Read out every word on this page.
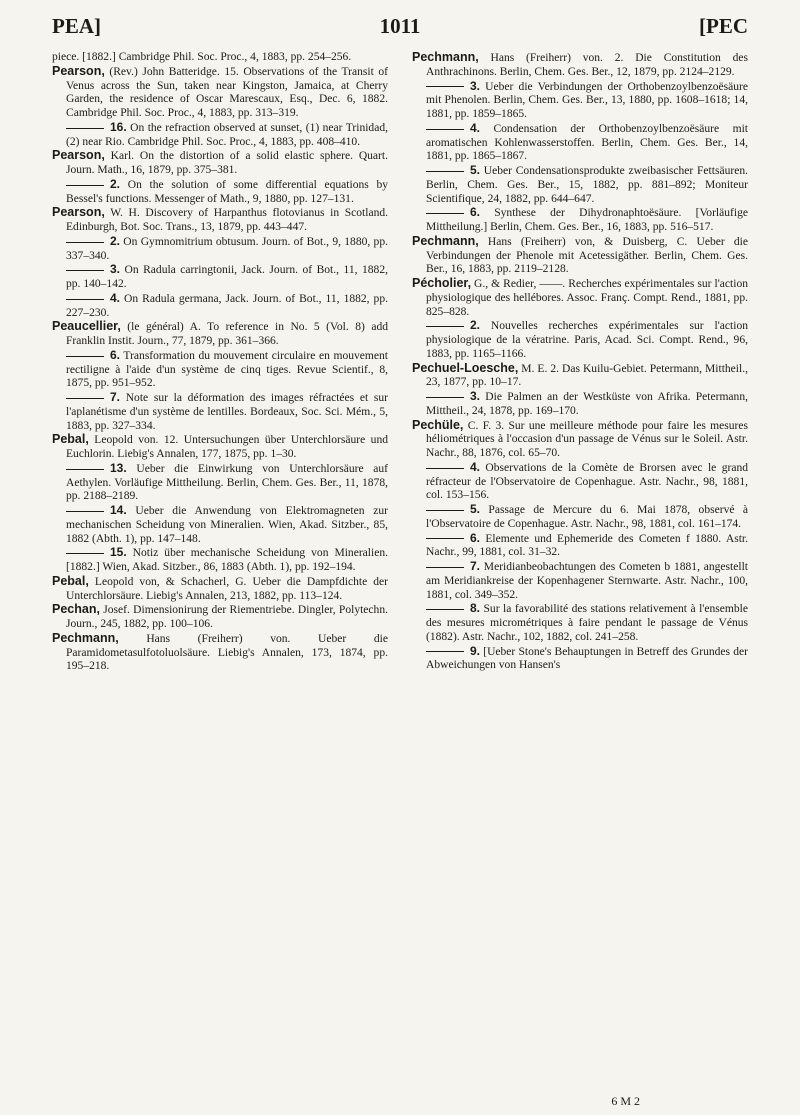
PEA]	1011	[PEC

piece. [1882.] Cambridge Phil. Soc. Proc., 4, 1883, pp. 254–256.

Pearson, (Rev.) John Batteridge. 15. Observations of the Transit of Venus across the Sun, taken near Kingston, Jamaica, at Cherry Garden, the residence of Oscar Marescaux, Esq., Dec. 6, 1882. Cambridge Phil. Soc. Proc., 4, 1883, pp. 313–319.

16. On the refraction observed at sunset, (1) near Trinidad, (2) near Rio. Cambridge Phil. Soc. Proc., 4, 1883, pp. 408–410.

Pearson, Karl. On the distortion of a solid elastic sphere. Quart. Journ. Math., 16, 1879, pp. 375–381.

2. On the solution of some differential equations by Bessel's functions. Messenger of Math., 9, 1880, pp. 127–131.

Pearson, W. H. Discovery of Harpanthus flotovianus in Scotland. Edinburgh, Bot. Soc. Trans., 13, 1879, pp. 443–447.

2. On Gymnomitrium obtusum. Journ. of Bot., 9, 1880, pp. 337–340.

3. On Radula carringtonii, Jack. Journ. of Bot., 11, 1882, pp. 140–142.

4. On Radula germana, Jack. Journ. of Bot., 11, 1882, pp. 227–230.

Peaucellier, (le général) A. To reference in No. 5 (Vol. 8) add Franklin Instit. Journ., 77, 1879, pp. 361–366.

6. Transformation du mouvement circulaire en mouvement rectiligne à l'aide d'un système de cinq tiges. Revue Scientif., 8, 1875, pp. 951–952.

7. Note sur la déformation des images réfractées et sur l'aplanétisme d'un système de lentilles. Bordeaux, Soc. Sci. Mém., 5, 1883, pp. 327–334.

Pebal, Leopold von. 12. Untersuchungen über Unterchlorsäure und Euchlorin. Liebig's Annalen, 177, 1875, pp. 1–30.

13. Ueber die Einwirkung von Unterchlorsäure auf Aethylen. Vorläufige Mittheilung. Berlin, Chem. Ges. Ber., 11, 1878, pp. 2188–2189.

14. Ueber die Anwendung von Elektromagneten zur mechanischen Scheidung von Mineralien. Wien, Akad. Sitzber., 85, 1882 (Abth. 1), pp. 147–148.

15. Notiz über mechanische Scheidung von Mineralien. [1882.] Wien, Akad. Sitzber., 86, 1883 (Abth. 1), pp. 192–194.

Pebal, Leopold von, & Schacherl, G. Ueber die Dampfdichte der Unterchlorsäure. Liebig's Annalen, 213, 1882, pp. 113–124.

Pechan, Josef. Dimensionirung der Riementriebe. Dingler, Polytechn. Journ., 245, 1882, pp. 100–106.

Pechmann, Hans (Freiherr) von. Ueber die Paramidometasulfotoluolsäure. Liebig's Annalen, 173, 1874, pp. 195–218.

Pechmann, Hans (Freiherr) von. 2. Die Constitution des Anthrachinons. Berlin, Chem. Ges. Ber., 12, 1879, pp. 2124–2129.

3. Ueber die Verbindungen der Orthobenzoylbenzoësäure mit Phenolen. Berlin, Chem. Ges. Ber., 13, 1880, pp. 1608–1618; 14, 1881, pp. 1859–1865.

4. Condensation der Orthobenzoylbenzoësäure mit aromatischen Kohlenwasserstoffen. Berlin, Chem. Ges. Ber., 14, 1881, pp. 1865–1867.

5. Ueber Condensationsprodukte zweibasischer Fettsäuren. Berlin, Chem. Ges. Ber., 15, 1882, pp. 881–892; Moniteur Scientifique, 24, 1882, pp. 644–647.

6. Synthese der Dihydronaphtoësäure. [Vorläufige Mittheilung.] Berlin, Chem. Ges. Ber., 16, 1883, pp. 516–517.

Pechmann, Hans (Freiherr) von, & Duisberg, C. Ueber die Verbindungen der Phenole mit Acetessigäther. Berlin, Chem. Ges. Ber., 16, 1883, pp. 2119–2128.

Pécholier, G., & Redier, ——. Recherches expérimentales sur l'action physiologique des hellébores. Assoc. Franç. Compt. Rend., 1881, pp. 825–828.

2. Nouvelles recherches expérimentales sur l'action physiologique de la vératrine. Paris, Acad. Sci. Compt. Rend., 96, 1883, pp. 1165–1166.

Pechuel-Loesche, M. E. 2. Das Kuilu-Gebiet. Petermann, Mittheil., 23, 1877, pp. 10–17.

3. Die Palmen an der Westküste von Afrika. Petermann, Mittheil., 24, 1878, pp. 169–170.

Pechüle, C. F. 3. Sur une meilleure méthode pour faire les mesures héliométriques à l'occasion d'un passage de Vénus sur le Soleil. Astr. Nachr., 88, 1876, col. 65–70.

4. Observations de la Comète de Brorsen avec le grand réfracteur de l'Observatoire de Copenhague. Astr. Nachr., 98, 1881, col. 153–156.

5. Passage de Mercure du 6. Mai 1878, observé à l'Observatoire de Copenhague. Astr. Nachr., 98, 1881, col. 161–174.

6. Elemente und Ephemeride des Cometen f 1880. Astr. Nachr., 99, 1881, col. 31–32.

7. Meridianbeobachtungen des Cometen b 1881, angestellt am Meridiankreise der Kopenhagener Sternwarte. Astr. Nachr., 100, 1881, col. 349–352.

8. Sur la favorabilité des stations relativement à l'ensemble des mesures micrométriques à faire pendant le passage de Vénus (1882). Astr. Nachr., 102, 1882, col. 241–258.

9. [Ueber Stone's Behauptungen in Betreff des Grundes der Abweichungen von Hansen's

6 M 2
